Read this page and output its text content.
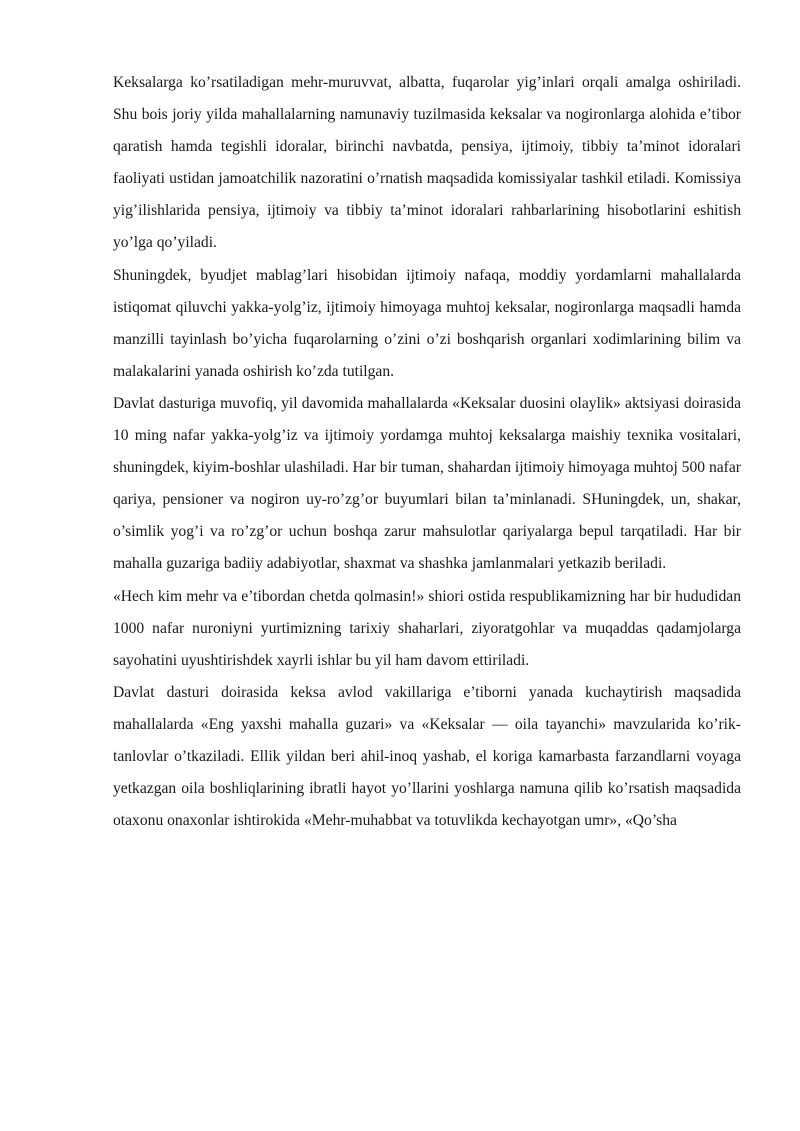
Keksalarga ko’rsatiladigan mehr-muruvvat, albatta, fuqarolar yig’inlari orqali amalga oshiriladi. Shu bois joriy yilda mahallalarning namunaviy tuzilmasida keksalar va nogironlarga alohida e’tibor qaratish hamda tegishli idoralar, birinchi navbatda, pensiya, ijtimoiy, tibbiy ta’minot idoralari faoliyati ustidan jamoatchilik nazoratini o’rnatish maqsadida komissiyalar tashkil etiladi. Komissiya yig’ilishlarida pensiya, ijtimoiy va tibbiy ta’minot idoralari rahbarlarining hisobotlarini eshitish yo’lga qo’yiladi.

Shuningdek, byudjet mablag’lari hisobidan ijtimoiy nafaqa, moddiy yordamlarni mahallalarda istiqomat qiluvchi yakka-yolg’iz, ijtimoiy himoyaga muhtoj keksalar, nogironlarga maqsadli hamda manzilli tayinlash bo’yicha fuqarolarning o’zini o’zi boshqarish organlari xodimlarining bilim va malakalarini yanada oshirish ko’zda tutilgan.

Davlat dasturiga muvofiq, yil davomida mahallalarda «Keksalar duosini olaylik» aktsiyasi doirasida 10 ming nafar yakka-yolg’iz va ijtimoiy yordamga muhtoj keksalarga maishiy texnika vositalari, shuningdek, kiyim-boshlar ulashiladi. Har bir tuman, shahardan ijtimoiy himoyaga muhtoj 500 nafar qariya, pensioner va nogiron uy-ro’zg’or buyumlari bilan ta’minlanadi. SHuningdek, un, shakar, o’simlik yog’i va ro’zg’or uchun boshqa zarur mahsulotlar qariyalarga bepul tarqatiladi. Har bir mahalla guzariga badiiy adabiyotlar, shaxmat va shashka jamlanmalari yetkazib beriladi.

«Hech kim mehr va e’tibordan chetda qolmasin!» shiori ostida respublikamizning har bir hududidan 1000 nafar nuroniyni yurtimizning tarixiy shaharlari, ziyoratgohlar va muqaddas qadamjolarga sayohatini uyushtirishdek xayrli ishlar bu yil ham davom ettiriladi.

Davlat dasturi doirasida keksa avlod vakillariga e’tiborni yanada kuchaytirish maqsadida mahallalarda «Eng yaxshi mahalla guzari» va «Keksalar — oila tayanchi» mavzularida ko’rik-tanlovlar o’tkaziladi. Ellik yildan beri ahil-inoq yashab, el koriga kamarbasta farzandlarni voyaga yetkazgan oila boshliqlarining ibratli hayot yo’llarini yoshlarga namuna qilib ko’rsatish maqsadida otaxonu onaxonlar ishtirokida «Mehr-muhabbat va totuvlikda kechayotgan umr», «Qo’sha
